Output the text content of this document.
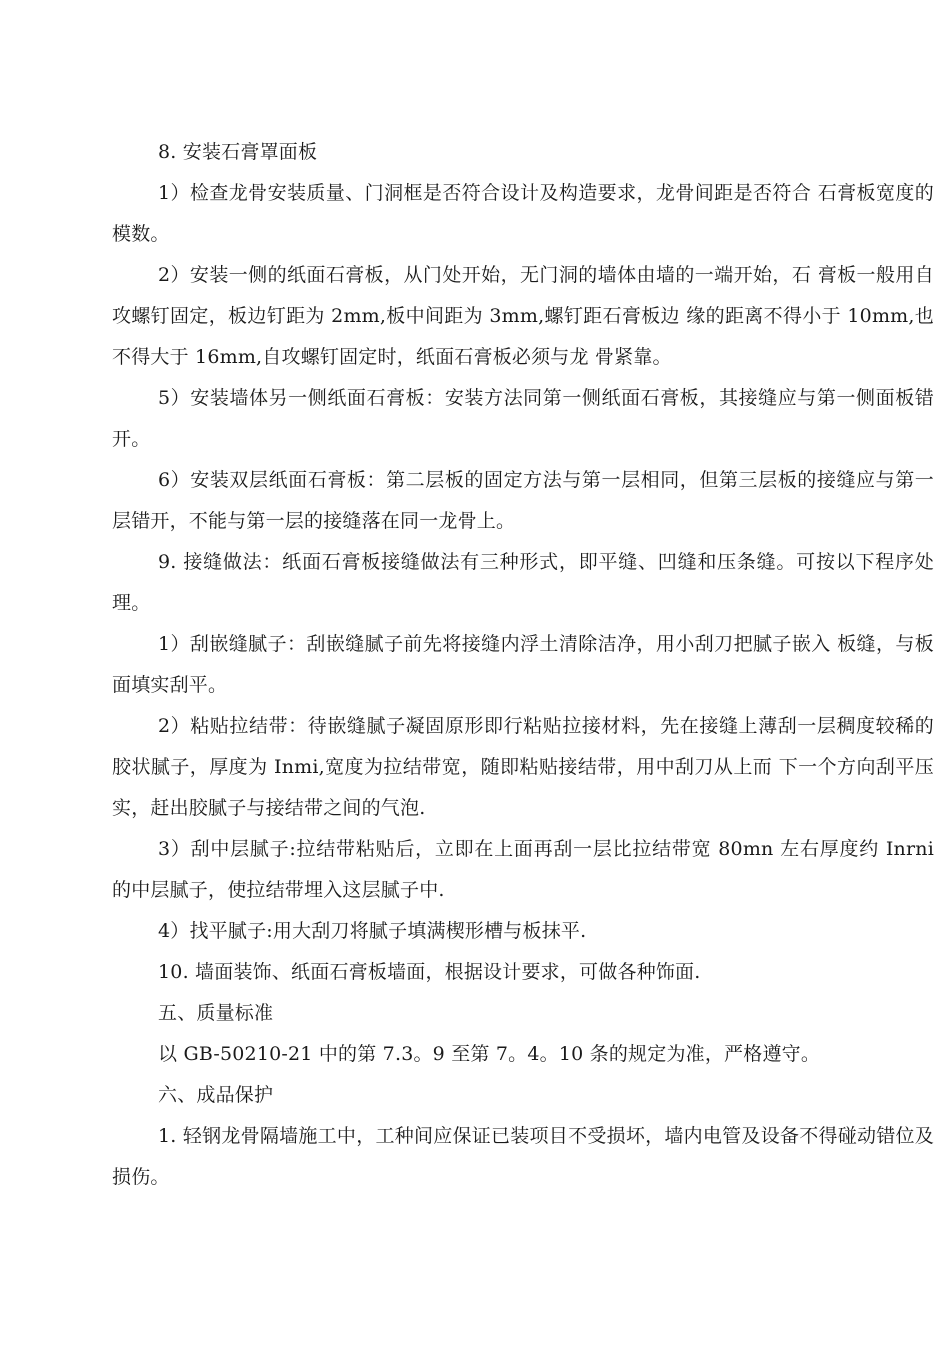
8. 安装石膏罩面板

1）检查龙骨安装质量、门洞框是否符合设计及构造要求，龙骨间距是否符合 石膏板宽度的模数。

2）安装一侧的纸面石膏板，从门处开始，无门洞的墙体由墙的一端开始，石 膏板一般用自攻螺钉固定，板边钉距为 2mm,板中间距为 3mm,螺钉距石膏板边 缘的距离不得小于 10mm,也不得大于 16mm,自攻螺钉固定时，纸面石膏板必须与龙 骨紧靠。

5）安装墙体另一侧纸面石膏板：安装方法同第一侧纸面石膏板，其接缝应与第一侧面板错开。

6）安装双层纸面石膏板：第二层板的固定方法与第一层相同，但第三层板的接缝应与第一层错开，不能与第一层的接缝落在同一龙骨上。

9. 接缝做法：纸面石膏板接缝做法有三种形式，即平缝、凹缝和压条缝。可按以下程序处理。

1）刮嵌缝腻子：刮嵌缝腻子前先将接缝内浮土清除洁净，用小刮刀把腻子嵌入 板缝，与板面填实刮平。

2）粘贴拉结带：待嵌缝腻子凝固原形即行粘贴拉接材料，先在接缝上薄刮一层稠度较稀的胶状腻子，厚度为 Inmi,宽度为拉结带宽，随即粘贴接结带，用中刮刀从上而 下一个方向刮平压实，赶出胶腻子与接结带之间的气泡.

3）刮中层腻子:拉结带粘贴后，立即在上面再刮一层比拉结带宽 80mn 左右厚度约 Inrni 的中层腻子，使拉结带埋入这层腻子中.

4）找平腻子:用大刮刀将腻子填满楔形槽与板抹平.

10. 墙面装饰、纸面石膏板墙面，根据设计要求，可做各种饰面.

五、质量标准

以 GB-50210-21 中的第 7.3。9 至第 7。4。10 条的规定为准，严格遵守。

六、成品保护

1. 轻钢龙骨隔墙施工中，工种间应保证已装项目不受损坏，墙内电管及设备不得碰动错位及损伤。
